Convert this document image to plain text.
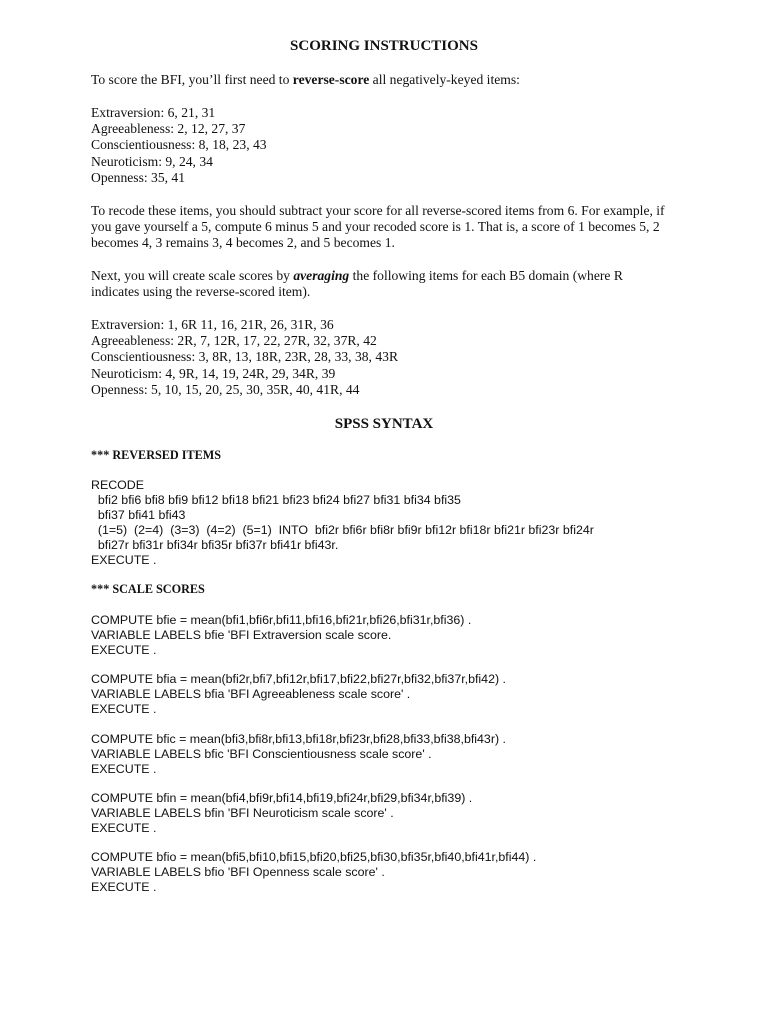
SCORING INSTRUCTIONS

To score the BFI, you’ll first need to reverse-score all negatively-keyed items:

Extraversion: 6, 21, 31
Agreeableness: 2, 12, 27, 37
Conscientiousness: 8, 18, 23, 43
Neuroticism: 9, 24, 34
Openness: 35, 41
To recode these items, you should subtract your score for all reverse-scored items from 6. For example, if
you gave yourself a 5, compute 6 minus 5 and your recoded score is 1. That is, a score of 1 becomes 5, 2
becomes 4, 3 remains 3, 4 becomes 2, and 5 becomes 1.
Next, you will create scale scores by averaging the following items for each B5 domain (where R
indicates using the reverse-scored item).
Extraversion: 1, 6R 11, 16, 21R, 26, 31R, 36
Agreeableness: 2R, 7, 12R, 17, 22, 27R, 32, 37R, 42
Conscientiousness: 3, 8R, 13, 18R, 23R, 28, 33, 38, 43R
Neuroticism: 4, 9R, 14, 19, 24R, 29, 34R, 39
Openness: 5, 10, 15, 20, 25, 30, 35R, 40, 41R, 44
SPSS SYNTAX
*** REVERSED ITEMS
RECODE
bfi2 bfi6 bfi8 bfi9 bfi12 bfi18 bfi21 bfi23 bfi24 bfi27 bfi31 bfi34 bfi35
bfi37 bfi41 bfi43
(1=5)  (2=4)  (3=3)  (4=2)  (5=1)  INTO  bfi2r bfi6r bfi8r bfi9r bfi12r bfi18r bfi21r bfi23r bfi24r
bfi27r bfi31r bfi34r bfi35r bfi37r bfi41r bfi43r.
EXECUTE .
*** SCALE SCORES
COMPUTE bfie = mean(bfi1,bfi6r,bfi11,bfi16,bfi21r,bfi26,bfi31r,bfi36) .
VARIABLE LABELS bfie 'BFI Extraversion scale score.
EXECUTE .
COMPUTE bfia = mean(bfi2r,bfi7,bfi12r,bfi17,bfi22,bfi27r,bfi32,bfi37r,bfi42) .
VARIABLE LABELS bfia 'BFI Agreeableness scale score' .
EXECUTE .
COMPUTE bfic = mean(bfi3,bfi8r,bfi13,bfi18r,bfi23r,bfi28,bfi33,bfi38,bfi43r) .
VARIABLE LABELS bfic 'BFI Conscientiousness scale score' .
EXECUTE .
COMPUTE bfin = mean(bfi4,bfi9r,bfi14,bfi19,bfi24r,bfi29,bfi34r,bfi39) .
VARIABLE LABELS bfin 'BFI Neuroticism scale score' .
EXECUTE .
COMPUTE bfio = mean(bfi5,bfi10,bfi15,bfi20,bfi25,bfi30,bfi35r,bfi40,bfi41r,bfi44) .
VARIABLE LABELS bfio 'BFI Openness scale score' .
EXECUTE .
